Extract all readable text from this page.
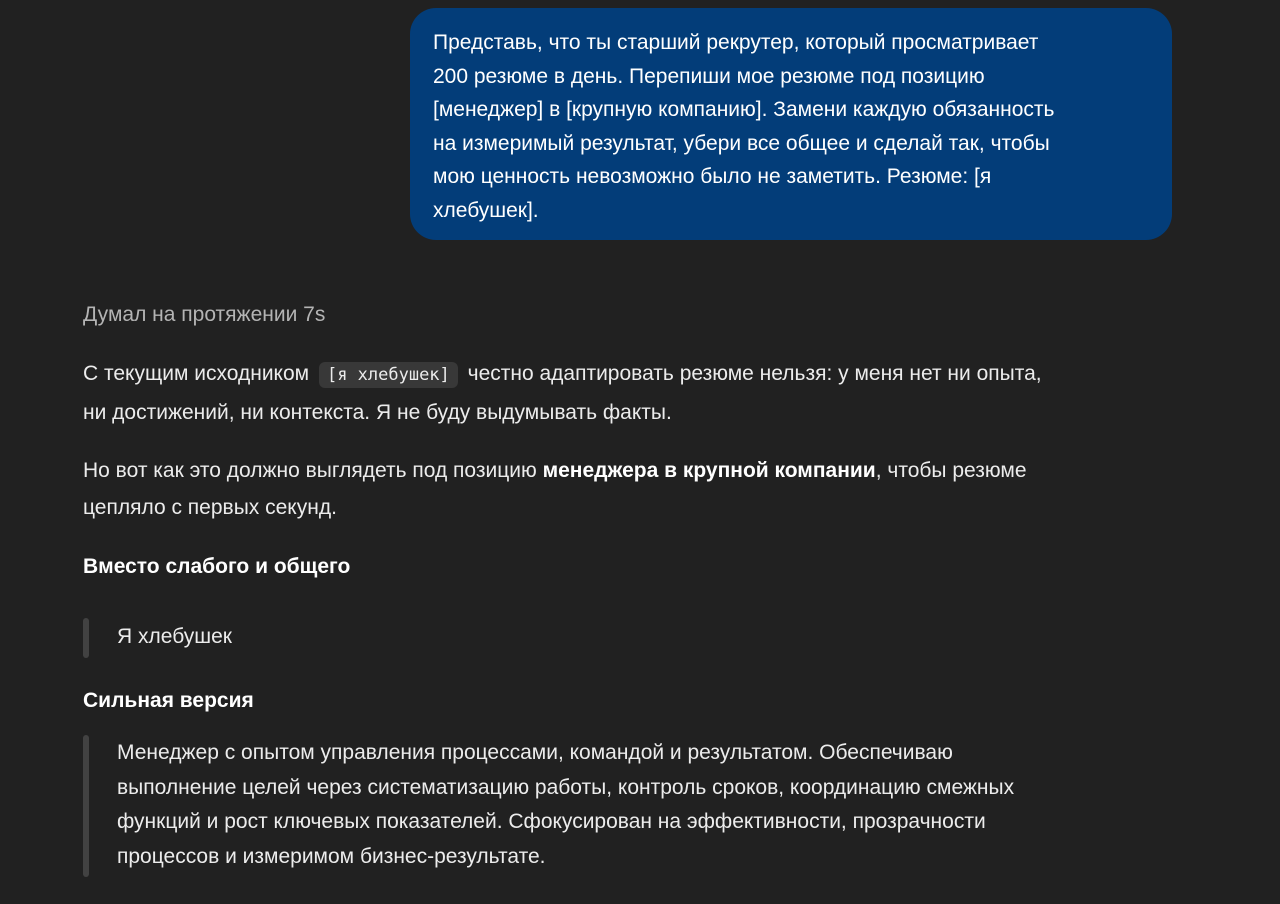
Представь, что ты старший рекрутер, который просматривает
200 резюме в день. Перепиши мое резюме под позицию
[менеджер] в [крупную компанию]. Замени каждую обязанность
на измеримый результат, убери все общее и сделай так, чтобы
мою ценность невозможно было не заметить. Резюме: [я
хлебушек].
Думал на протяжении 7s
С текущим исходником [я хлебушек] честно адаптировать резюме нельзя: у меня нет ни опыта,
ни достижений, ни контекста. Я не буду выдумывать факты.
Но вот как это должно выглядеть под позицию менеджера в крупной компании, чтобы резюме
цепляло с первых секунд.
Вместо слабого и общего
Я хлебушек
Сильная версия
Менеджер с опытом управления процессами, командой и результатом. Обеспечиваю
выполнение целей через систематизацию работы, контроль сроков, координацию смежных
функций и рост ключевых показателей. Сфокусирован на эффективности, прозрачности
процессов и измеримом бизнес-результате.
